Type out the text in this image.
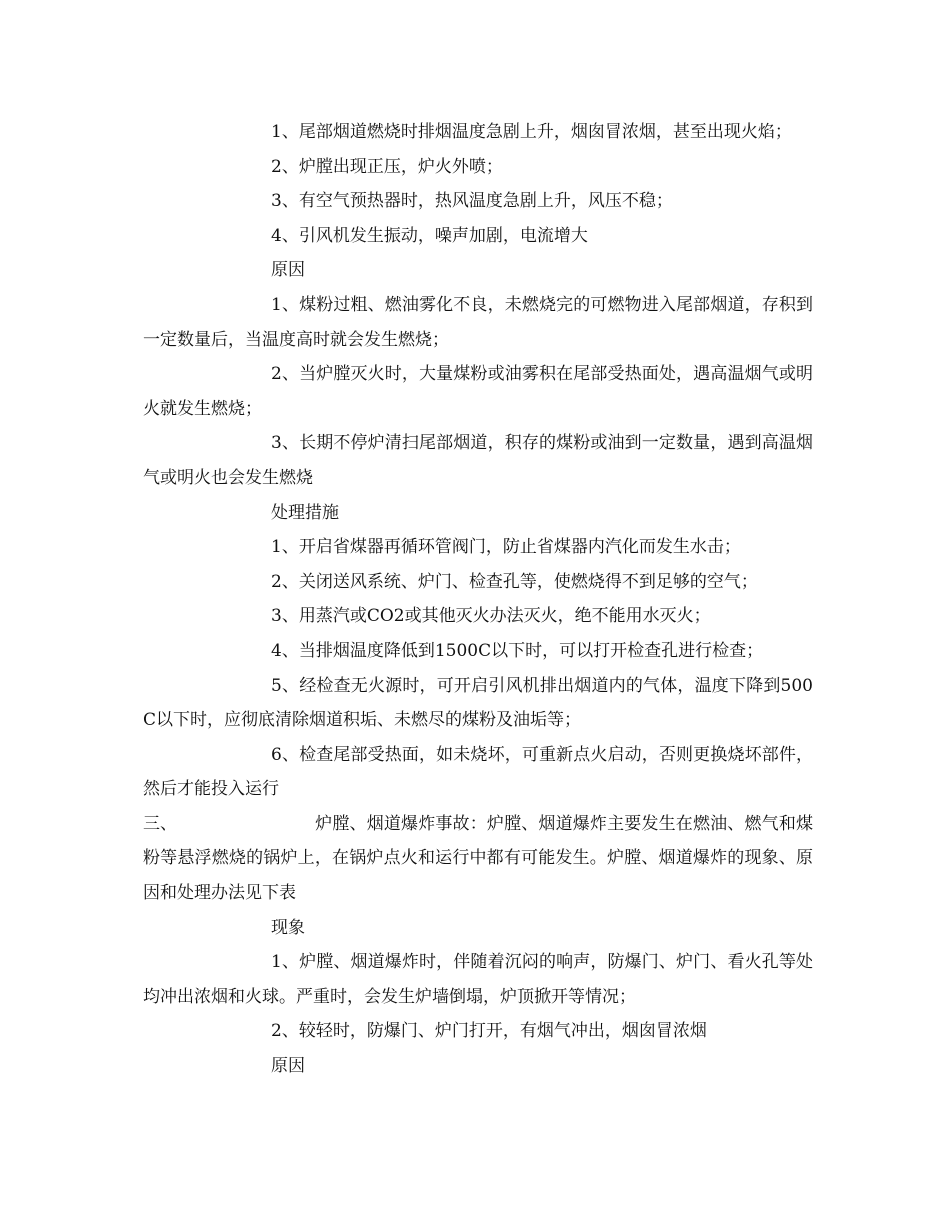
1、尾部烟道燃烧时排烟温度急剧上升，烟囱冒浓烟，甚至出现火焰；

2、炉膛出现正压，炉火外喷；

3、有空气预热器时，热风温度急剧上升，风压不稳；

4、引风机发生振动，噪声加剧，电流增大

原因

1、煤粉过粗、燃油雾化不良，未燃烧完的可燃物进入尾部烟道，存积到一定数量后，当温度高时就会发生燃烧；

2、当炉膛灭火时，大量煤粉或油雾积在尾部受热面处，遇高温烟气或明火就发生燃烧；

3、长期不停炉清扫尾部烟道，积存的煤粉或油到一定数量，遇到高温烟气或明火也会发生燃烧

处理措施

1、开启省煤器再循环管阀门，防止省煤器内汽化而发生水击；

2、关闭送风系统、炉门、检查孔等，使燃烧得不到足够的空气；

3、用蒸汽或CO2或其他灭火办法灭火，绝不能用水灭火；

4、当排烟温度降低到1500C以下时，可以打开检查孔进行检查；

5、经检查无火源时，可开启引风机排出烟道内的气体，温度下降到500C以下时，应彻底清除烟道积垢、未燃尽的煤粉及油垢等；

6、检查尾部受热面，如未烧坏，可重新点火启动，否则更换烧坏部件，然后才能投入运行

三、	炉膛、烟道爆炸事故：炉膛、烟道爆炸主要发生在燃油、燃气和煤粉等悬浮燃烧的锅炉上，在锅炉点火和运行中都有可能发生。炉膛、烟道爆炸的现象、原因和处理办法见下表

现象

1、炉膛、烟道爆炸时，伴随着沉闷的响声，防爆门、炉门、看火孔等处均冲出浓烟和火球。严重时，会发生炉墙倒塌，炉顶掀开等情况；

2、较轻时，防爆门、炉门打开，有烟气冲出，烟囱冒浓烟

原因
